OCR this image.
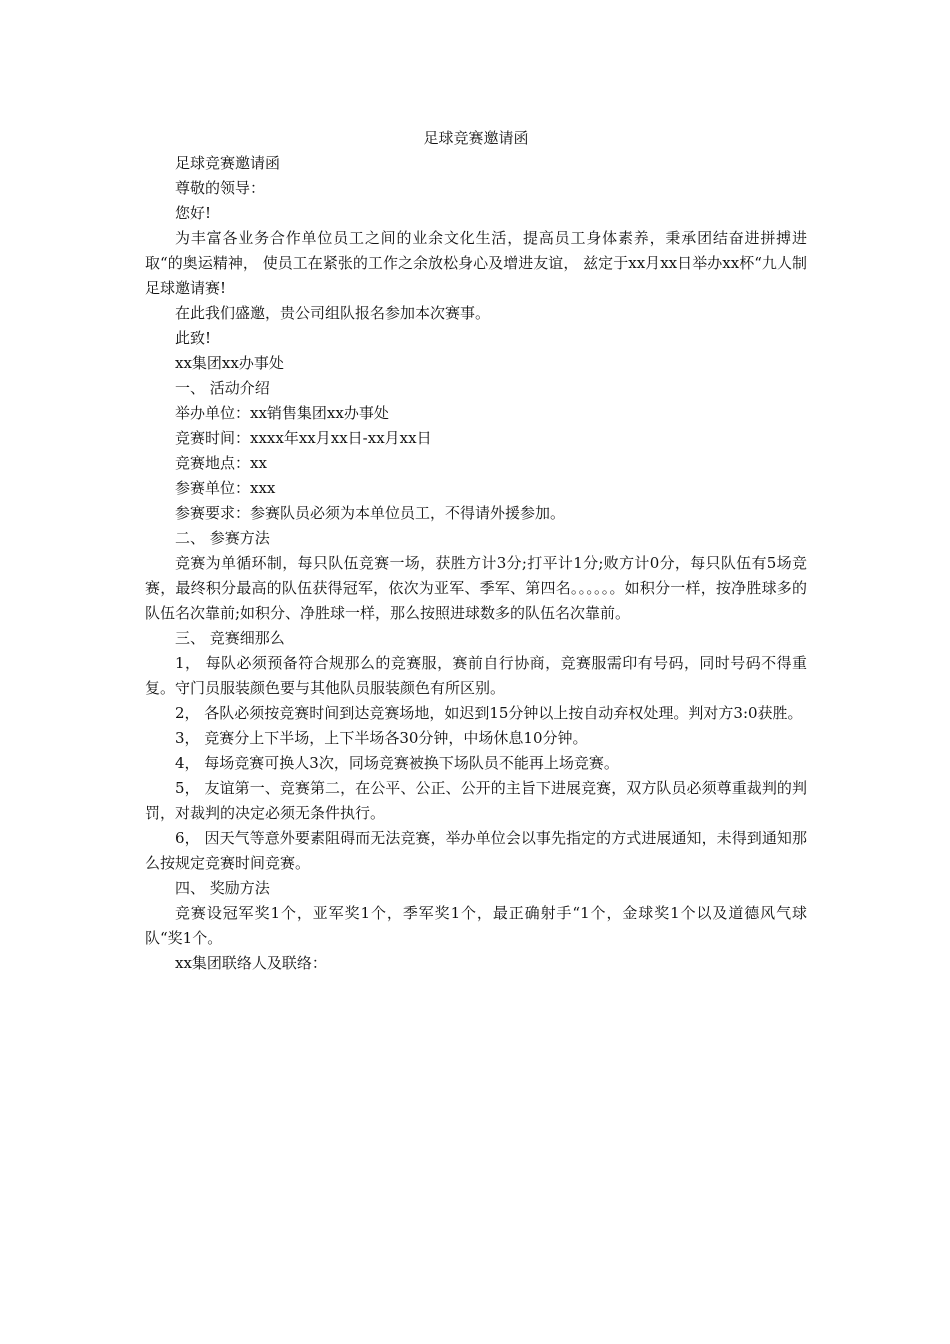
足球竞赛邀请函

足球竞赛邀请函

尊敬的领导：

您好!

为丰富各业务合作单位员工之间的业余文化生活，提高员工身体素养，秉承团结奋进拼搏进取“的奥运精神， 使员工在紧张的工作之余放松身心及增进友谊， 兹定于xx月xx日举办xx杯“九人制足球邀请赛!

在此我们盛邀，贵公司组队报名参加本次赛事。

此致!

xx集团xx办事处

一、 活动介绍

举办单位：xx销售集团xx办事处

竞赛时间：xxxx年xx月xx日-xx月xx日

竞赛地点：xx

参赛单位：xxx

参赛要求：参赛队员必须为本单位员工，不得请外援参加。

二、 参赛方法

竞赛为单循环制，每只队伍竞赛一场，获胜方计3分;打平计1分;败方计0分，每只队伍有5场竞赛，最终积分最高的队伍获得冠军，依次为亚军、季军、第四名。。。。。。如积分一样，按净胜球多的队伍名次靠前;如积分、净胜球一样，那么按照进球数多的队伍名次靠前。

三、 竞赛细那么

1， 每队必须预备符合规那么的竞赛服，赛前自行协商，竞赛服需印有号码，同时号码不得重复。守门员服装颜色要与其他队员服装颜色有所区别。

2， 各队必须按竞赛时间到达竞赛场地，如迟到15分钟以上按自动弃权处理。判对方3:0获胜。

3， 竞赛分上下半场，上下半场各30分钟，中场休息10分钟。

4， 每场竞赛可换人3次，同场竞赛被换下场队员不能再上场竞赛。

5， 友谊第一、竞赛第二，在公平、公正、公开的主旨下进展竞赛，双方队员必须尊重裁判的判罚，对裁判的决定必须无条件执行。

6， 因天气等意外要素阻碍而无法竞赛，举办单位会以事先指定的方式进展通知，未得到通知那么按规定竞赛时间竞赛。

四、 奖励方法

竞赛设冠军奖1个，亚军奖1个，季军奖1个，最正确射手“1个，金球奖1个以及道德风气球队“奖1个。

xx集团联络人及联络：
